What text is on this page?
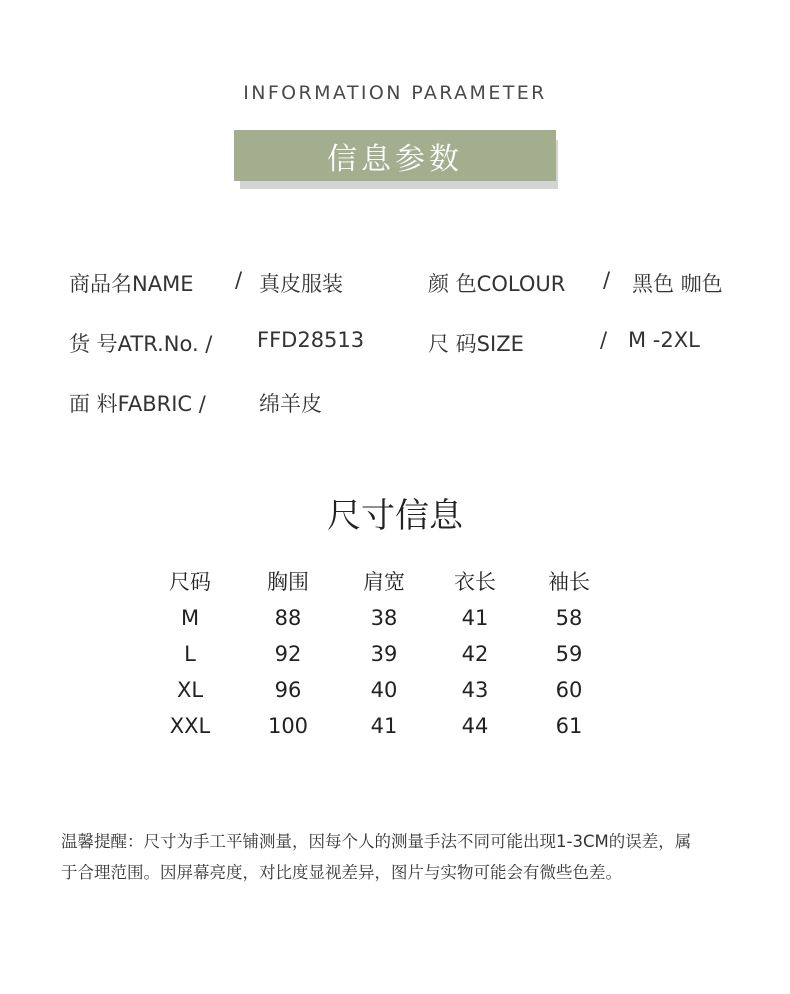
INFORMATION PARAMETER
信息参数
商品名NAME / 真皮服装	颜 色COLOUR / 黑色 咖色
货 号ATR.No. / FFD28513	尺 码SIZE	/ M -2XL
面 料FABRIC /	绵羊皮
尺寸信息
尺码	胸围	肩宽	衣长	袖长
M	88	38	41	58
L	92	39	42	59
XL	96	40	43	60
XXL	100	41	44	61
温馨提醒：尺寸为手工平铺测量，因每个人的测量手法不同可能出现1-3CM的误差，属
于合理范围。因屏幕亮度，对比度显视差异，图片与实物可能会有微些色差。
